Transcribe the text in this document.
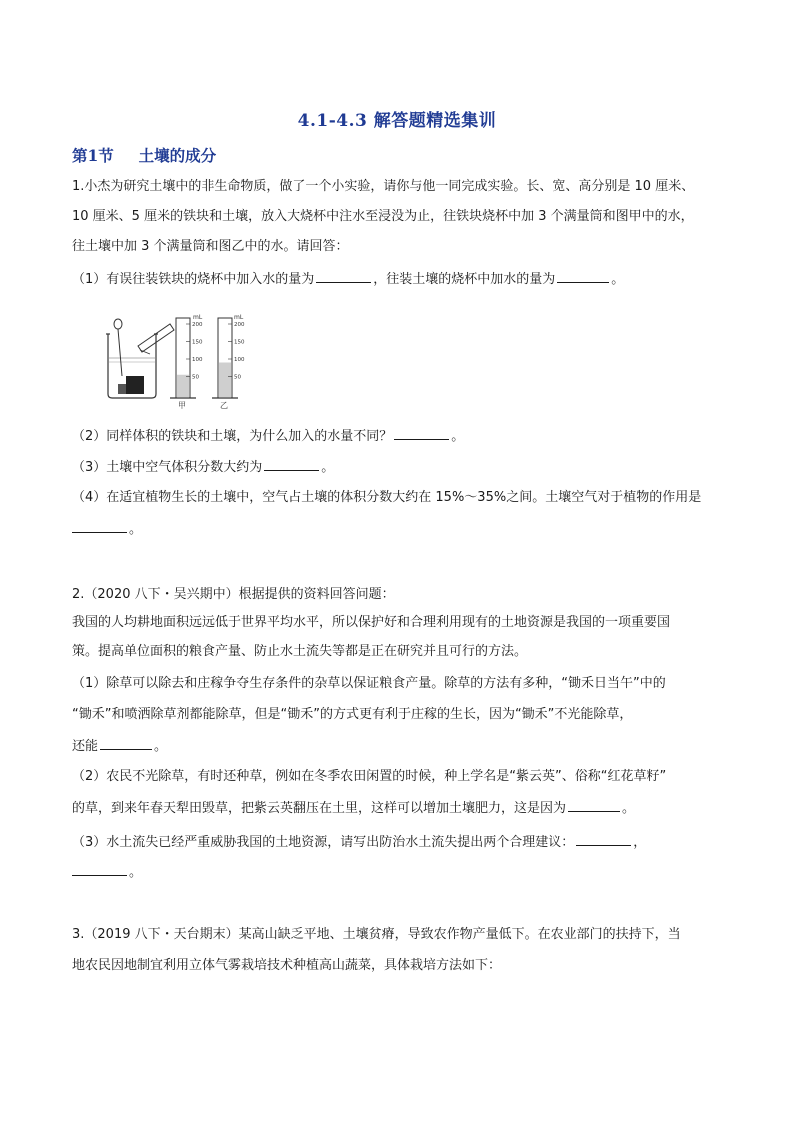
4.1-4.3 解答题精选集训
第1节 土壤的成分
1.小杰为研究土壤中的非生命物质，做了一个小实验，请你与他一同完成实验。长、宽、高分别是 10 厘米、
10 厘米、5 厘米的铁块和土壤，放入大烧杯中注水至浸没为止，往铁块烧杯中加 3 个满量筒和图甲中的水，
往土壤中加 3 个满量筒和图乙中的水。请回答：
（1）有误往装铁块的烧杯中加入水的量为	，往装土壤的烧杯中加水的量为	。
200
150
100
50
200
150
100
50
mL	mL
甲	乙
（2）同样体积的铁块和土壤，为什么加入的水量不同？	。
（3）土壤中空气体积分数大约为	。
（4）在适宜植物生长的土壤中，空气占土壤的体积分数大约在 15%～35%之间。土壤空气对于植物的作用是
。
2.（2020 八下・吴兴期中）根据提供的资料回答问题：
我国的人均耕地面积远远低于世界平均水平，所以保护好和合理利用现有的土地资源是我国的一项重要国
策。提高单位面积的粮食产量、防止水土流失等都是正在研究并且可行的方法。
（1）除草可以除去和庄稼争夺生存条件的杂草以保证粮食产量。除草的方法有多种，“锄禾日当午”中的
“锄禾”和喷洒除草剂都能除草，但是“锄禾”的方式更有利于庄稼的生长，因为“锄禾”不光能除草，
还能	。
（2）农民不光除草，有时还种草，例如在冬季农田闲置的时候，种上学名是“紫云英”、俗称“红花草籽”
的草，到来年春天犁田毁草，把紫云英翻压在土里，这样可以增加土壤肥力，这是因为	。
（3）水土流失已经严重威胁我国的土地资源，请写出防治水土流失提出两个合理建议：	，
。
3.（2019 八下・天台期末）某高山缺乏平地、土壤贫瘠，导致农作物产量低下。在农业部门的扶持下，当
地农民因地制宜利用立体气雾栽培技术种植高山蔬菜，具体栽培方法如下：
